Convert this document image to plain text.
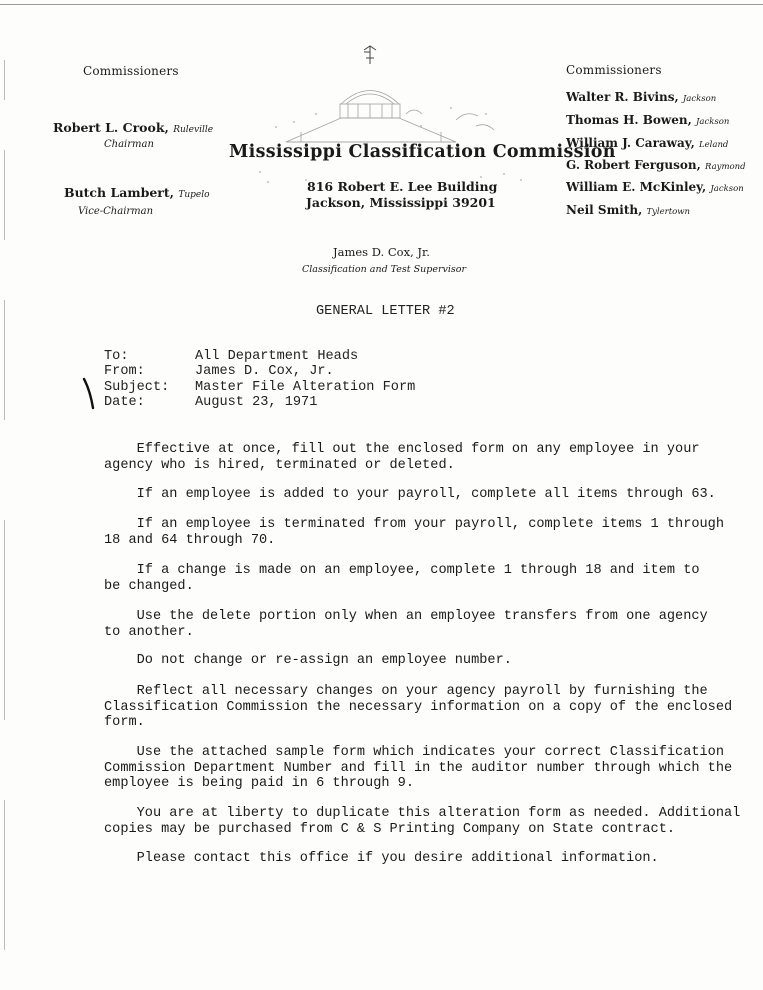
Commissioners
Robert L. Crook, Ruleville
Chairman
Butch Lambert, Tupelo
Vice-Chairman
Mississippi Classification Commission
816 Robert E. Lee Building
Jackson, Mississippi 39201
James D. Cox, Jr.
Classification and Test Supervisor
Commissioners
Walter R. Bivins, Jackson
Thomas H. Bowen, Jackson
William J. Caraway, Leland
G. Robert Ferguson, Raymond
William E. McKinley, Jackson
Neil Smith, Tylertown
GENERAL LETTER #2
To:
From:
Subject:
Date:
All Department Heads
James D. Cox, Jr.
Master File Alteration Form
August 23, 1971
Effective at once, fill out the enclosed form on any employee in your
agency who is hired, terminated or deleted.
If an employee is added to your payroll, complete all items through 63.
If an employee is terminated from your payroll, complete items 1 through
18 and 64 through 70.
If a change is made on an employee, complete 1 through 18 and item to
be changed.
Use the delete portion only when an employee transfers from one agency
to another.
Do not change or re-assign an employee number.
Reflect all necessary changes on your agency payroll by furnishing the
Classification Commission the necessary information on a copy of the enclosed
form.
Use the attached sample form which indicates your correct Classification
Commission Department Number and fill in the auditor number through which the
employee is being paid in 6 through 9.
You are at liberty to duplicate this alteration form as needed. Additional
copies may be purchased from C & S Printing Company on State contract.
Please contact this office if you desire additional information.
